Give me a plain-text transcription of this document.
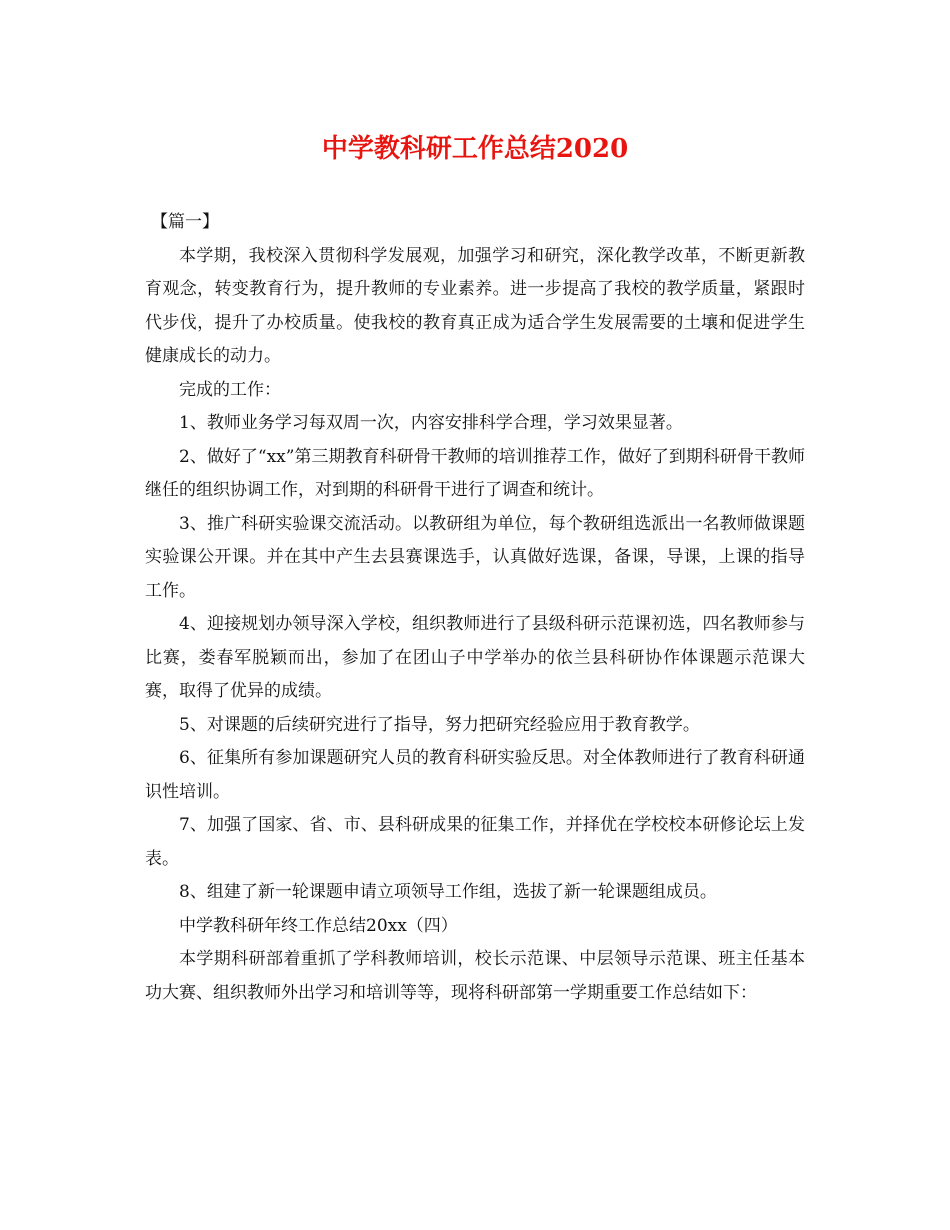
中学教科研工作总结2020

【篇一】

本学期，我校深入贯彻科学发展观，加强学习和研究，深化教学改革，不断更新教育观念，转变教育行为，提升教师的专业素养。进一步提高了我校的教学质量，紧跟时代步伐，提升了办校质量。使我校的教育真正成为适合学生发展需要的土壤和促进学生健康成长的动力。

完成的工作：

1、教师业务学习每双周一次，内容安排科学合理，学习效果显著。

2、做好了“xx”第三期教育科研骨干教师的培训推荐工作，做好了到期科研骨干教师继任的组织协调工作，对到期的科研骨干进行了调查和统计。

3、推广科研实验课交流活动。以教研组为单位，每个教研组选派出一名教师做课题实验课公开课。并在其中产生去县赛课选手，认真做好选课，备课，导课，上课的指导工作。

4、迎接规划办领导深入学校，组织教师进行了县级科研示范课初选，四名教师参与比赛，娄春军脱颖而出，参加了在团山子中学举办的依兰县科研协作体课题示范课大赛，取得了优异的成绩。

5、对课题的后续研究进行了指导，努力把研究经验应用于教育教学。

6、征集所有参加课题研究人员的教育科研实验反思。对全体教师进行了教育科研通识性培训。

7、加强了国家、省、市、县科研成果的征集工作，并择优在学校校本研修论坛上发表。

8、组建了新一轮课题申请立项领导工作组，选拔了新一轮课题组成员。

中学教科研年终工作总结20xx（四）

本学期科研部着重抓了学科教师培训，校长示范课、中层领导示范课、班主任基本功大赛、组织教师外出学习和培训等等，现将科研部第一学期重要工作总结如下：
